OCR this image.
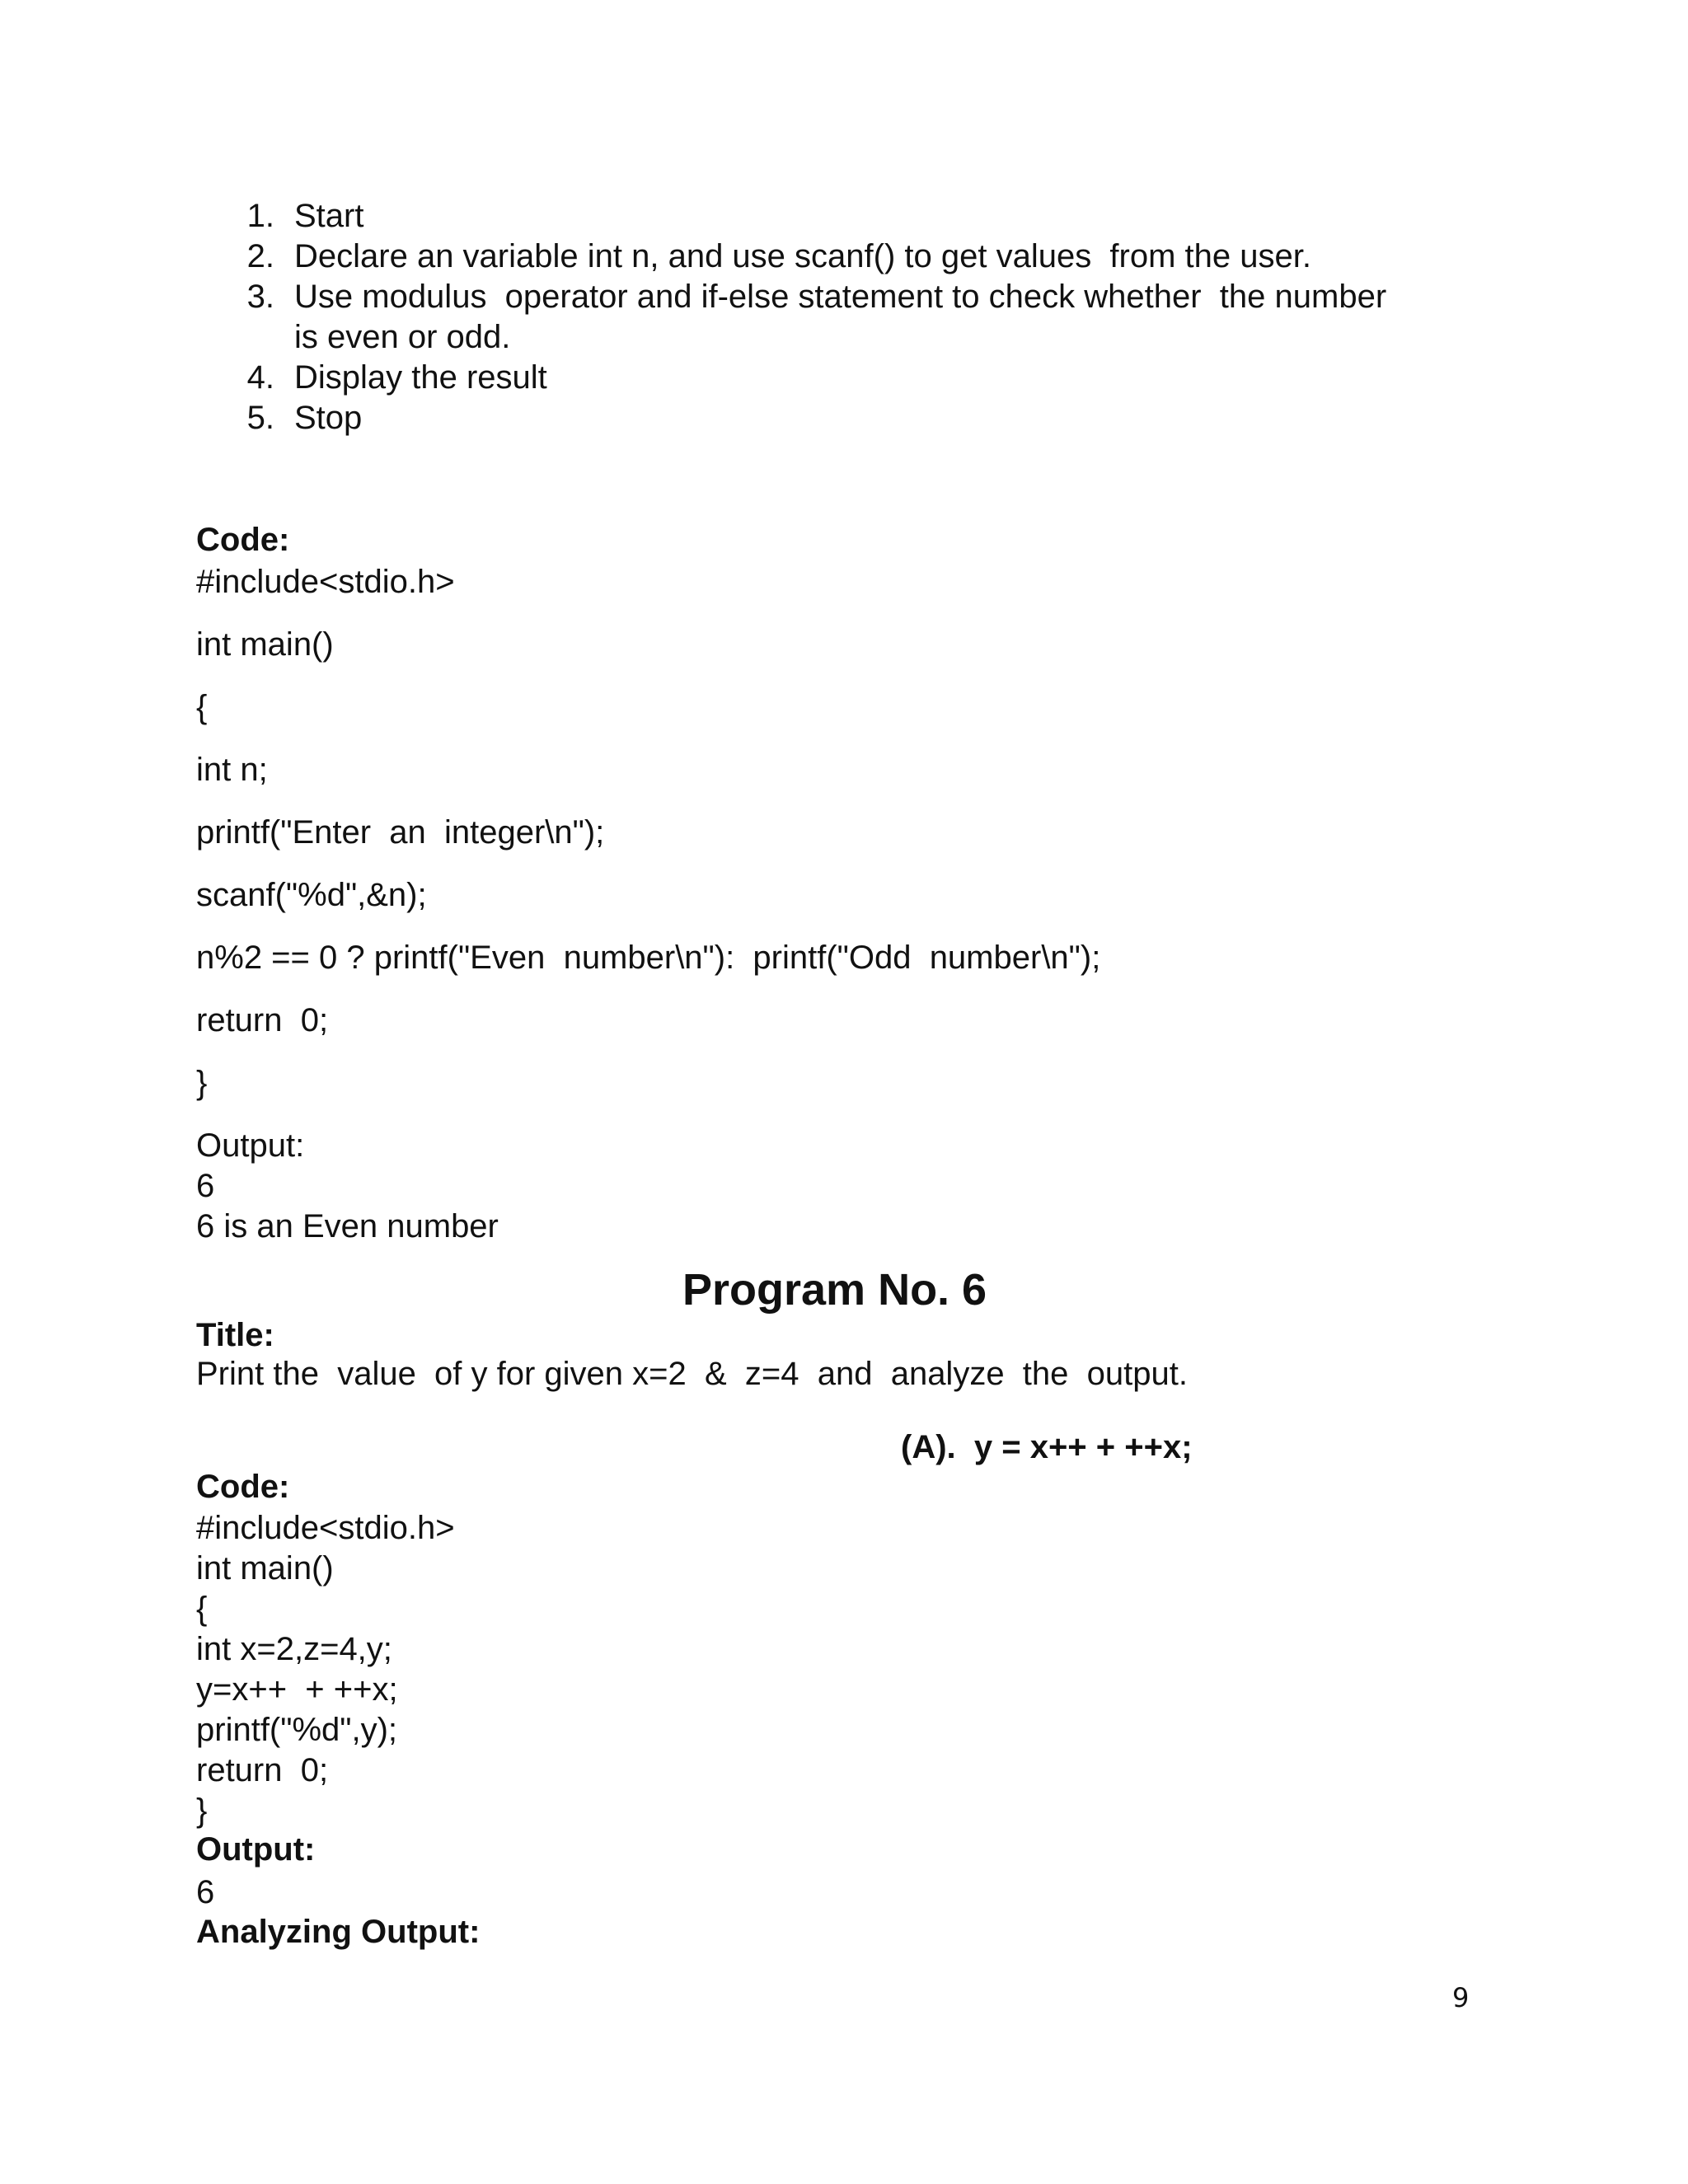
1. Start
2. Declare an variable int n, and use scanf() to get values  from the user.
3. Use modulus  operator and if-else statement to check whether  the number
is even or odd.
4. Display the result
5. Stop
Code:
#include<stdio.h>
int main()
{
int n;
printf("Enter  an  integer\n");
scanf("%d",&n);
n%2 == 0 ? printf("Even  number\n"):  printf("Odd  number\n");
return  0;
}
Output:
6
6 is an Even number
Program No. 6
Title:
Print the  value  of y for given x=2  &  z=4  and  analyze  the  output.
(A).  y = x++ + ++x;
Code:
#include<stdio.h>
int main()
{
int x=2,z=4,y;
y=x++  + ++x;
printf("%d",y);
return  0;
}
Output:
6
Analyzing Output:
9
